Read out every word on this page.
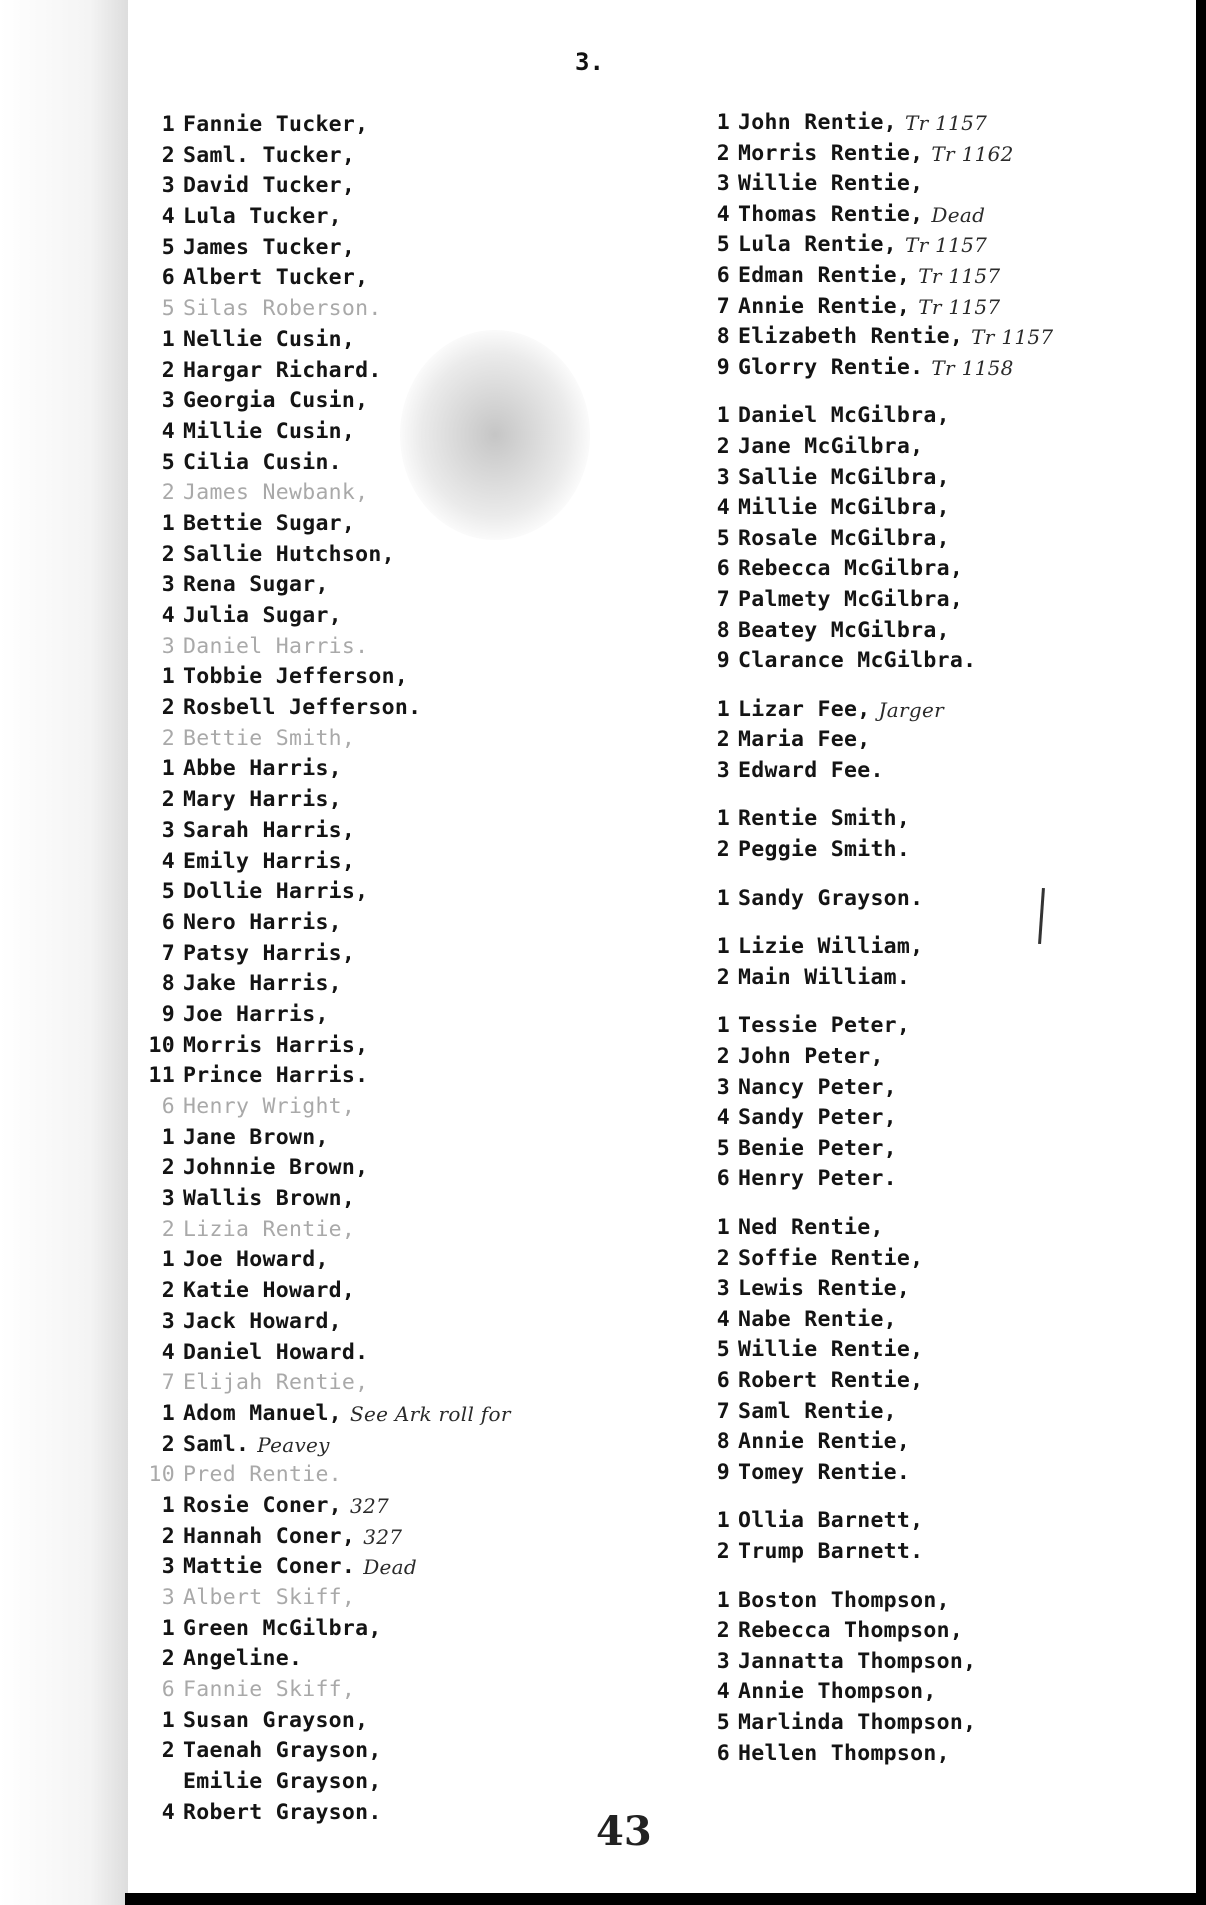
3.
1 Fannie Tucker,
2 Saml. Tucker,
3 David Tucker,
4 Lula Tucker,
5 James Tucker,
6 Albert Tucker,
5 Silas Roberson.
1 Nellie Cusin,
2 Hargar Richard.
3 Georgia Cusin,
4 Millie Cusin,
5 Cilia Cusin.
2 James Newbank,
1 Bettie Sugar,
2 Sallie Hutchson,
3 Rena Sugar,
4 Julia Sugar,
3 Daniel Harris.
1 Tobbie Jefferson,
2 Rosbell Jefferson.
2 Bettie Smith,
1 Abbe Harris,
2 Mary Harris,
3 Sarah Harris,
4 Emily Harris,
5 Dollie Harris,
6 Nero Harris,
7 Patsy Harris,
8 Jake Harris,
9 Joe Harris,
10 Morris Harris,
11 Prince Harris.
6 Henry Wright,
1 Jane Brown,
2 Johnnie Brown,
3 Wallis Brown,
2 Lizia Rentie,
1 Joe Howard,
2 Katie Howard,
3 Jack Howard,
4 Daniel Howard.
7 Elijah Rentie,
1 Adom Manuel, See Ark roll for
2 Saml. Peavey
10 Pred Rentie.
1 Rosie Coner, 327
2 Hannah Coner, 327
3 Mattie Coner. Dead
3 Albert Skiff,
1 Green McGilbra,
2 Angeline.
6 Fannie Skiff,
1 Susan Grayson,
2 Taenah Grayson,
Emilie Grayson,
4 Robert Grayson.
1 John Rentie, Tr 1157
2 Morris Rentie, Tr 1162
3 Willie Rentie,
4 Thomas Rentie, Dead
5 Lula Rentie, Tr 1157
6 Edman Rentie, Tr 1157
7 Annie Rentie, Tr 1157
8 Elizabeth Rentie, Tr 1157
9 Glorry Rentie. Tr 1158
1 Daniel McGilbra,
2 Jane McGilbra,
3 Sallie McGilbra,
4 Millie McGilbra,
5 Rosale McGilbra,
6 Rebecca McGilbra,
7 Palmety McGilbra,
8 Beatey McGilbra,
9 Clarance McGilbra.
1 Lizar Fee, Jarger
2 Maria Fee,
3 Edward Fee.
1 Rentie Smith,
2 Peggie Smith.
1 Sandy Grayson.
1 Lizie William,
2 Main William.
1 Tessie Peter,
2 John Peter,
3 Nancy Peter,
4 Sandy Peter,
5 Benie Peter,
6 Henry Peter.
1 Ned Rentie,
2 Soffie Rentie,
3 Lewis Rentie,
4 Nabe Rentie,
5 Willie Rentie,
6 Robert Rentie,
7 Saml Rentie,
8 Annie Rentie,
9 Tomey Rentie.
1 Ollia Barnett,
2 Trump Barnett.
1 Boston Thompson,
2 Rebecca Thompson,
3 Jannatta Thompson,
4 Annie Thompson,
5 Marlinda Thompson,
6 Hellen Thompson,
43
